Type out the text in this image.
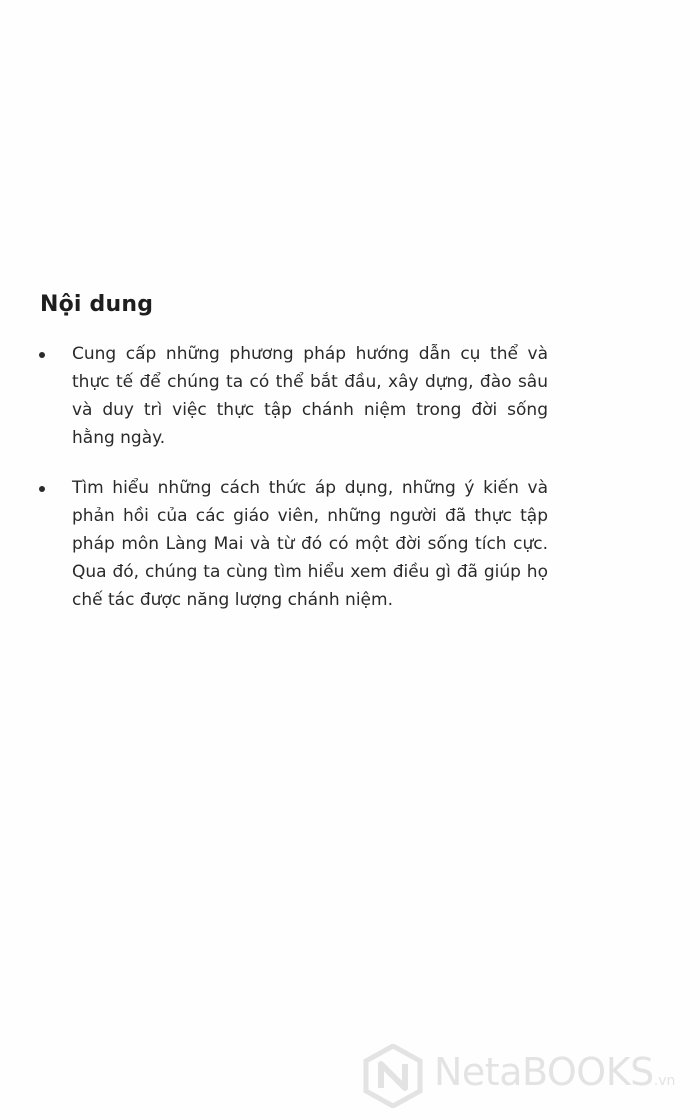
Nội dung
Cung cấp những phương pháp hướng dẫn cụ thể và thực tế để chúng ta có thể bắt đầu, xây dựng, đào sâu và duy trì việc thực tập chánh niệm trong đời sống hằng ngày.
Tìm hiểu những cách thức áp dụng, những ý kiến và phản hồi của các giáo viên, những người đã thực tập pháp môn Làng Mai và từ đó có một đời sống tích cực. Qua đó, chúng ta cùng tìm hiểu xem điều gì đã giúp họ chế tác được năng lượng chánh niệm.
NetaBOOKS.vn
